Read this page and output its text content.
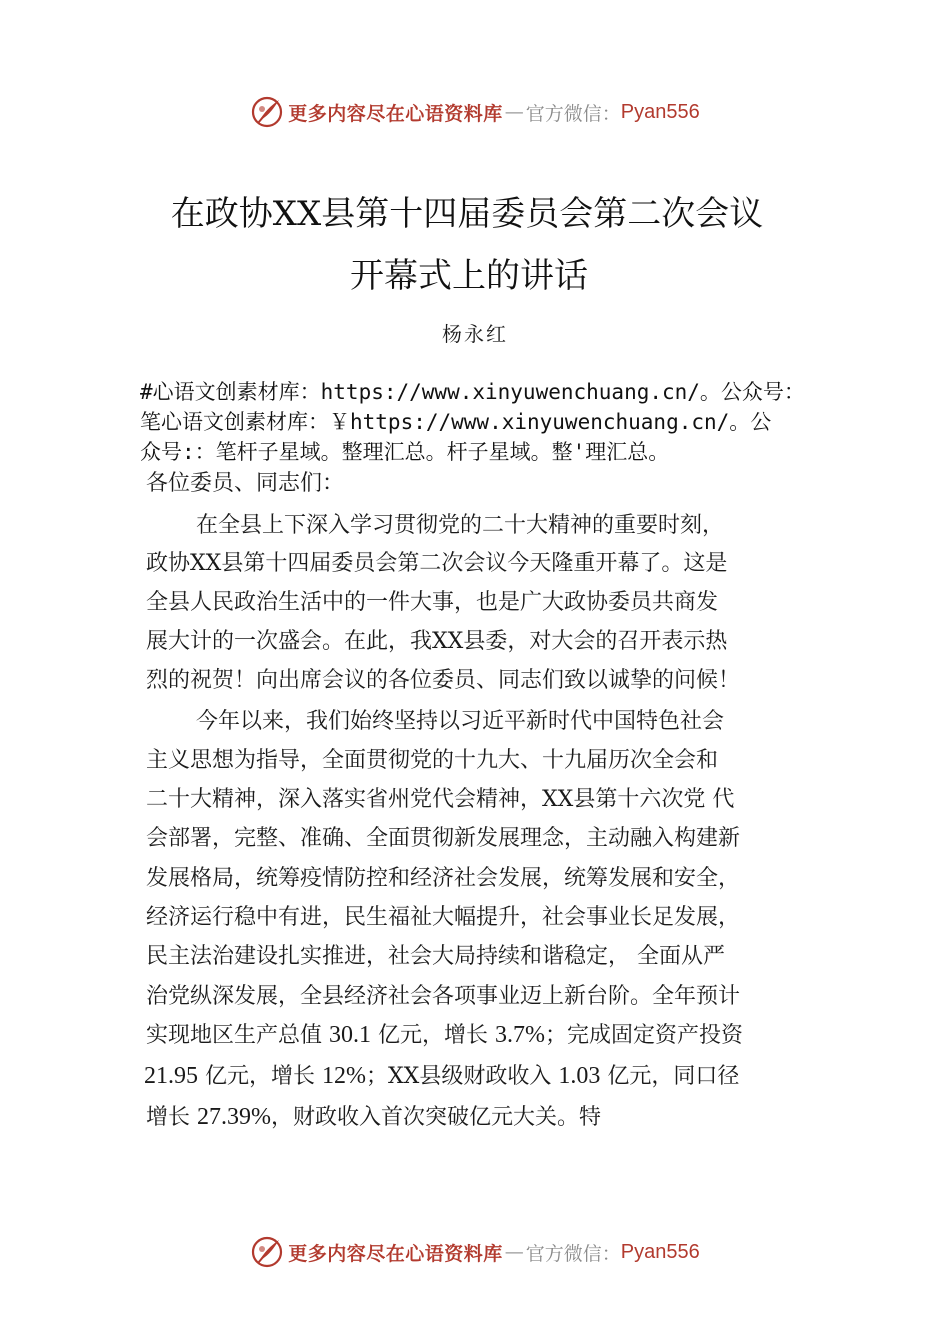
更多内容尽在心语资料库 — 官方微信： Pyan556
在政协XX县第十四届委员会第二次会议
开幕式上的讲话
杨永红
#心语文创素材库：https://www.xinyuwenchuang.cn/。公众号：
笔心语文创素材库：￥https://www.xinyuwenchuang.cn/。公
众号:：笔杆子星域。整理汇总。杆子星域。整'理汇总。
各位委员、同志们：
在全县上下深入学习贯彻党的二十大精神的重要时刻，
政协XX县第十四届委员会第二次会议今天隆重开幕了。这是
全县人民政治生活中的一件大事，也是广大政协委员共商发
展大计的一次盛会。在此，我XX县委，对大会的召开表示热
烈的祝贺！向出席会议的各位委员、同志们致以诚挚的问候！
今年以来，我们始终坚持以习近平新时代中国特色社会
主义思想为指导，全面贯彻党的十九大、十九届历次全会和
二十大精神，深入落实省州党代会精神，XX县第十六次党 代
会部署，完整、准确、全面贯彻新发展理念，主动融入构建新
发展格局，统筹疫情防控和经济社会发展，统筹发展和安全，
经济运行稳中有进，民生福祉大幅提升，社会事业长足发展，
民主法治建设扎实推进，社会大局持续和谐稳定， 全面从严
治党纵深发展，全县经济社会各项事业迈上新台阶。全年预计
实现地区生产总值 30.1 亿元，增长 3.7%；完成固定资产投资
21.95 亿元，增长 12%；XX县级财政收入 1.03 亿元，同口径
增长 27.39%，财政收入首次突破亿元大关。特
更多内容尽在心语资料库 — 官方微信： Pyan556
